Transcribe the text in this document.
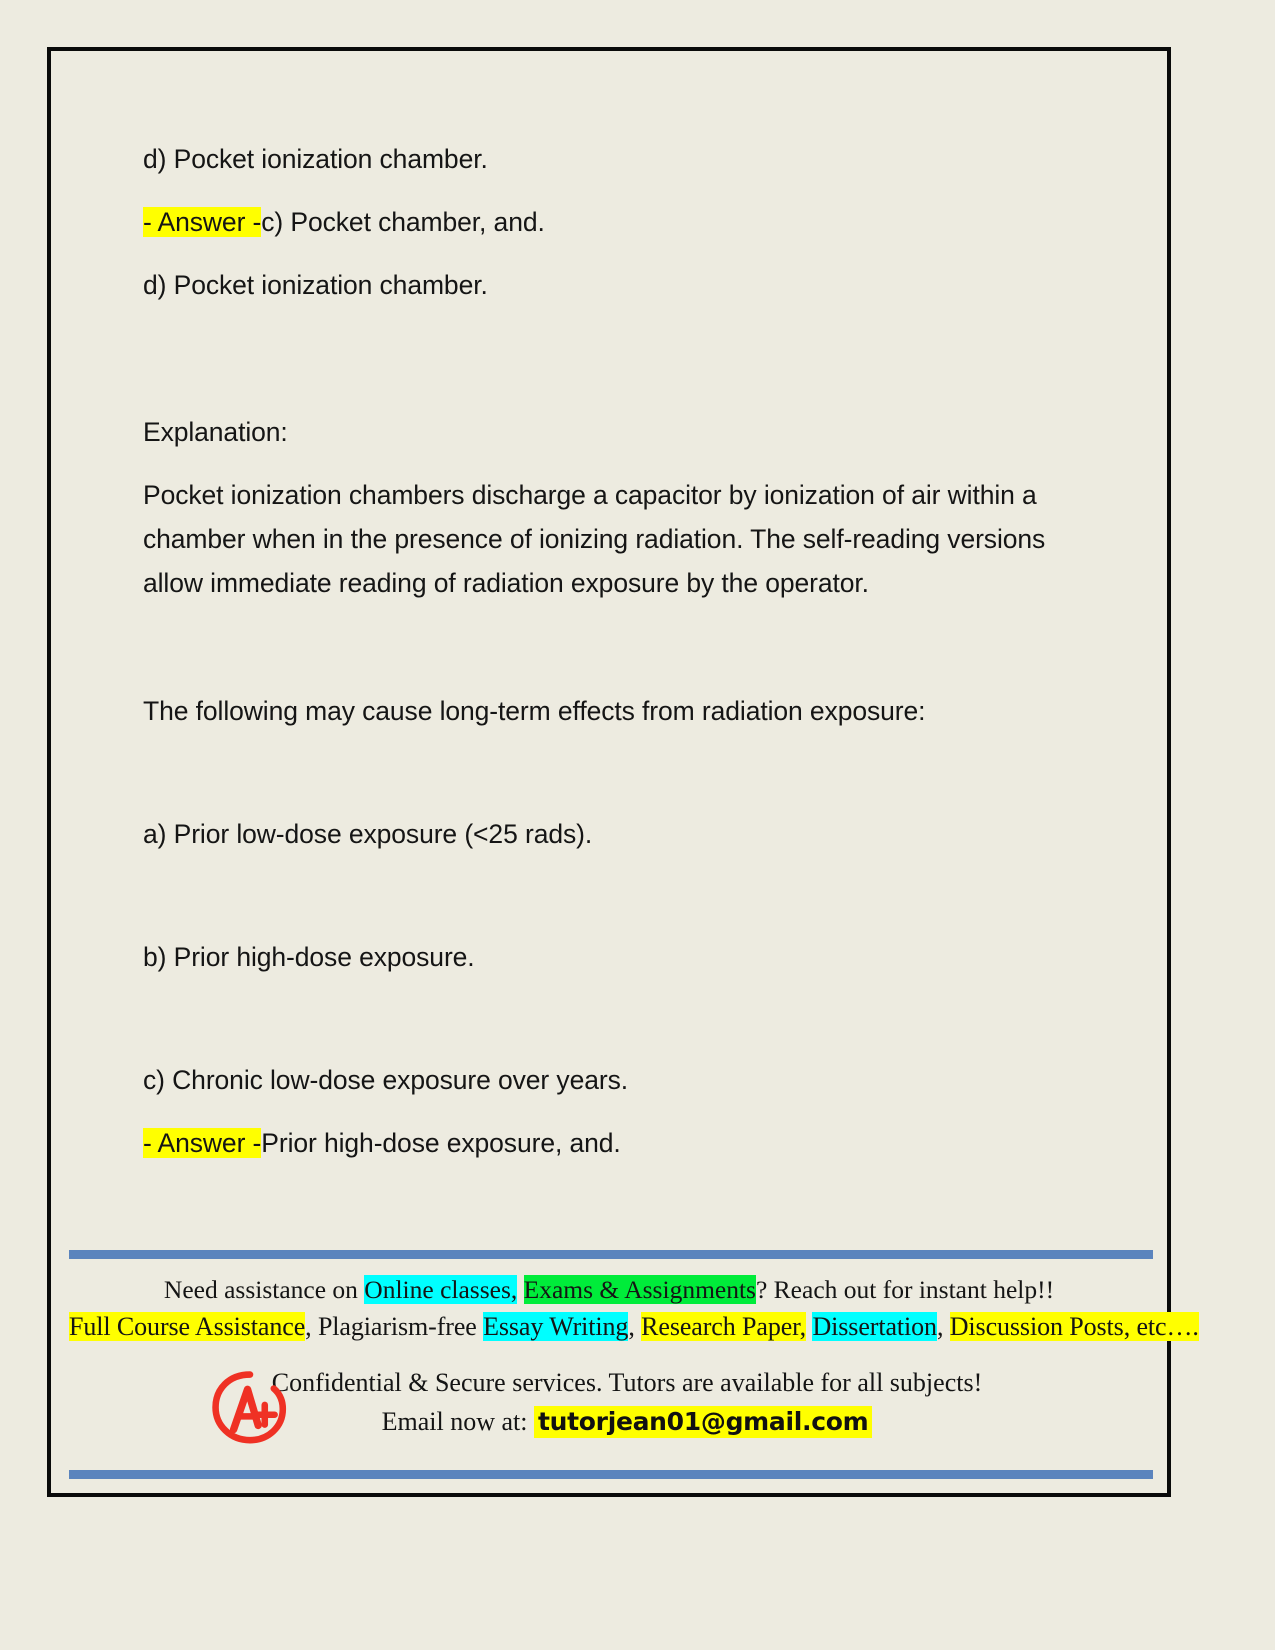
d) Pocket ionization chamber.

- Answer -c) Pocket chamber, and.

d) Pocket ionization chamber.

Explanation:

Pocket ionization chambers discharge a capacitor by ionization of air within a chamber when in the presence of ionizing radiation. The self-reading versions allow immediate reading of radiation exposure by the operator.

The following may cause long-term effects from radiation exposure:

a) Prior low-dose exposure (<25 rads).

b) Prior high-dose exposure.

c) Chronic low-dose exposure over years.

- Answer -Prior high-dose exposure, and.

Need assistance on Online classes, Exams & Assignments? Reach out for instant help!!
Full Course Assistance, Plagiarism-free Essay Writing, Research Paper, Dissertation, Discussion Posts, etc….
Confidential & Secure services. Tutors are available for all subjects!
Email now at: tutorjean01@gmail.com
